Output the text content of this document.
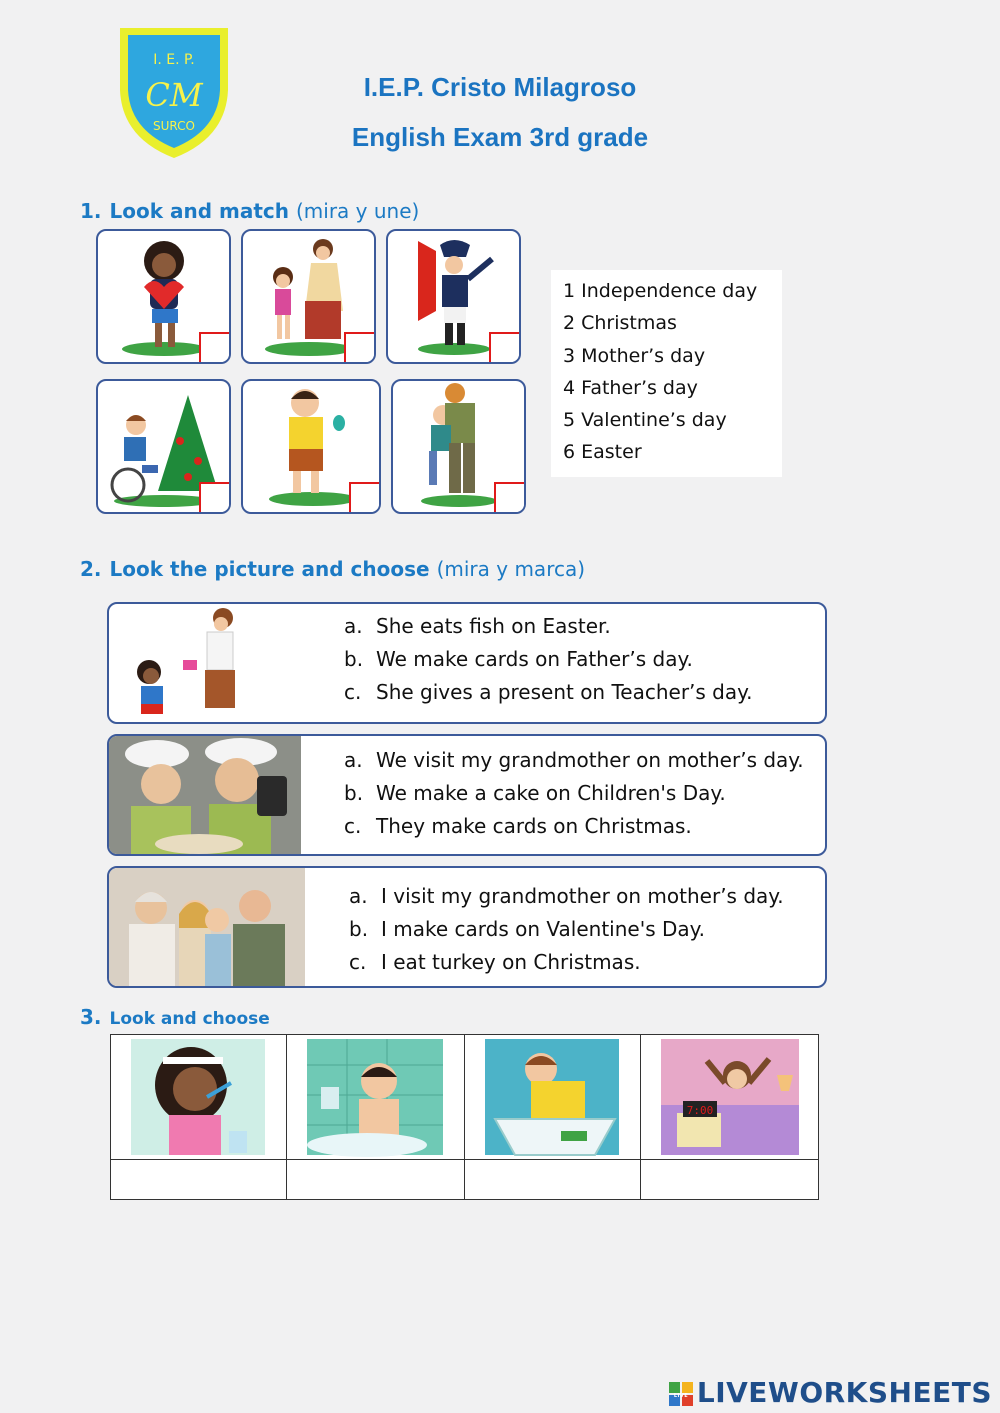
I. E. P.
CM
SURCO
I.E.P. Cristo Milagroso
English Exam 3rd grade
1. Look and match (mira y une)
1 Independence day
2 Christmas
3 Mother’s day
4 Father’s day
5 Valentine’s day
6 Easter
2. Look the picture and choose (mira y marca)
a. She eats fish on Easter.
b. We make cards on Father’s day.
c. She gives a present on Teacher’s day.
a. We visit my grandmother on mother’s day.
b. We make a cake on Children's Day.
c. They make cards on Christmas.
a. I visit my grandmother on mother’s day.
b. I make cards on Valentine's Day.
c. I eat turkey on Christmas.
3. Look and choose

7:00

LIVE LIVEWORKSHEETS
